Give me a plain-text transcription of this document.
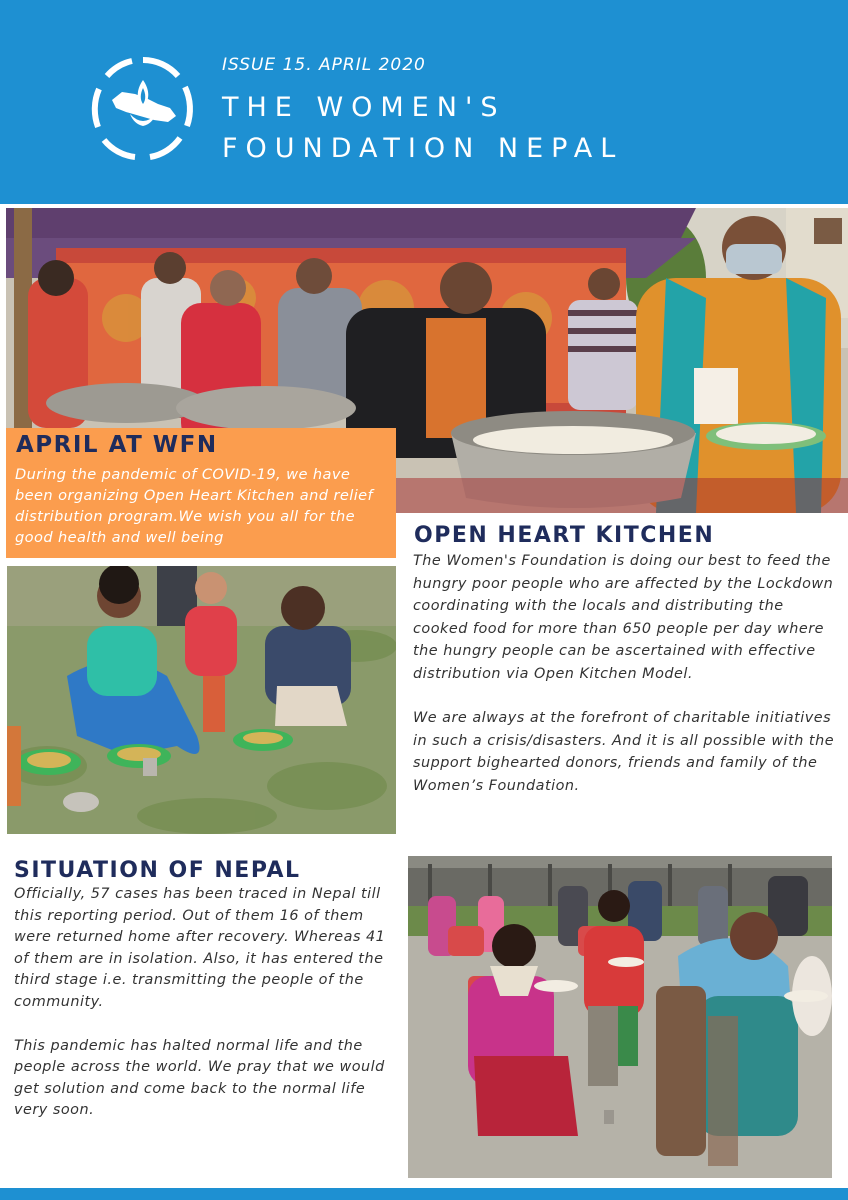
ISSUE 15. APRIL 2020
THE WOMEN'S
FOUNDATION NEPAL
APRIL AT WFN
During the pandemic of COVID-19, we have been organizing Open Heart Kitchen and relief distribution program.We wish you all for the good health and well being	OPEN HEART KITCHEN
The Women's Foundation is doing our best to feed the hungry poor people who are affected by the Lockdown coordinating with the locals and distributing the cooked food for more than 650 people per day where the hungry people can be ascertained with effective distribution via Open Kitchen Model.
We are always at the forefront of charitable initiatives in such a crisis/disasters. And it is all possible with the support bighearted donors, friends and family of the Women’s Foundation.
SITUATION OF NEPAL
Officially, 57 cases has been traced in Nepal till this reporting period. Out of them 16 of them were returned home after recovery. Whereas 41 of them are in isolation. Also, it has entered the third stage i.e. transmitting the people of the community.
This pandemic has halted normal life and the people across the world. We pray that we would get solution and come back to the normal life very soon.
